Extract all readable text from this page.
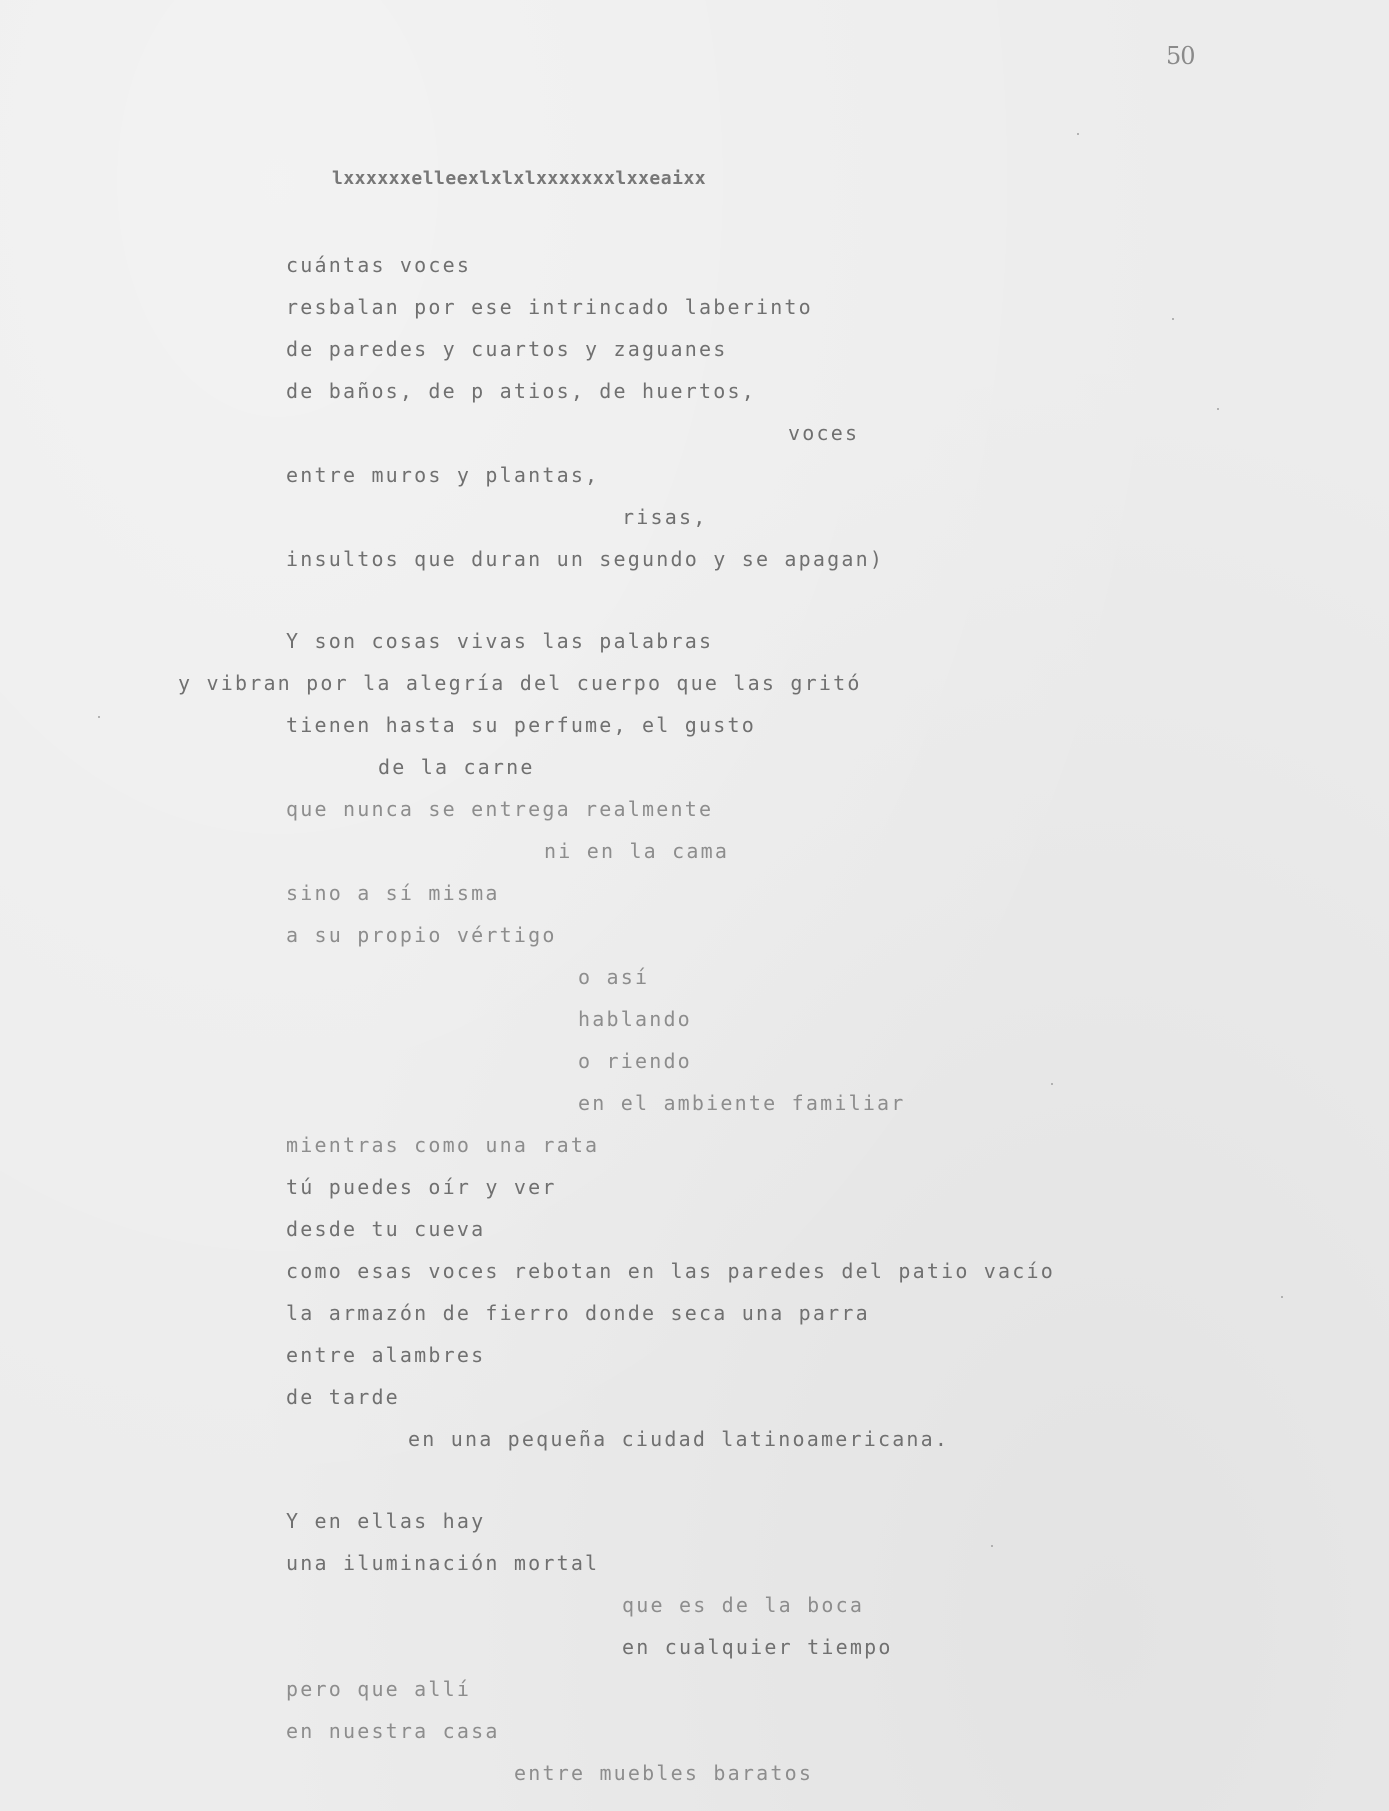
50
lxxxxxxelleexlxlxlxxxxxxxlxxeaixx
cuántas voces
resbalan por ese intrincado laberinto
de paredes y cuartos y zaguanes
de baños, de p atios, de huertos,
voces
entre muros y plantas,
risas,
insultos que duran un segundo y se apagan)
Y son cosas vivas las palabras
y vibran por la alegría del cuerpo que las gritó
tienen hasta su perfume, el gusto
de la carne
que nunca se entrega realmente
ni en la cama
sino a sí misma
a su propio vértigo
o así
hablando
o riendo
en el ambiente familiar
mientras como una rata
tú puedes oír y ver
desde tu cueva
como esas voces rebotan en las paredes del patio vacío
la armazón de fierro donde seca una parra
entre alambres
de tarde
en una pequeña ciudad latinoamericana.
Y en ellas hay
una iluminación mortal
que es de la boca
en cualquier tiempo
pero que allí
en nuestra casa
entre muebles baratos
